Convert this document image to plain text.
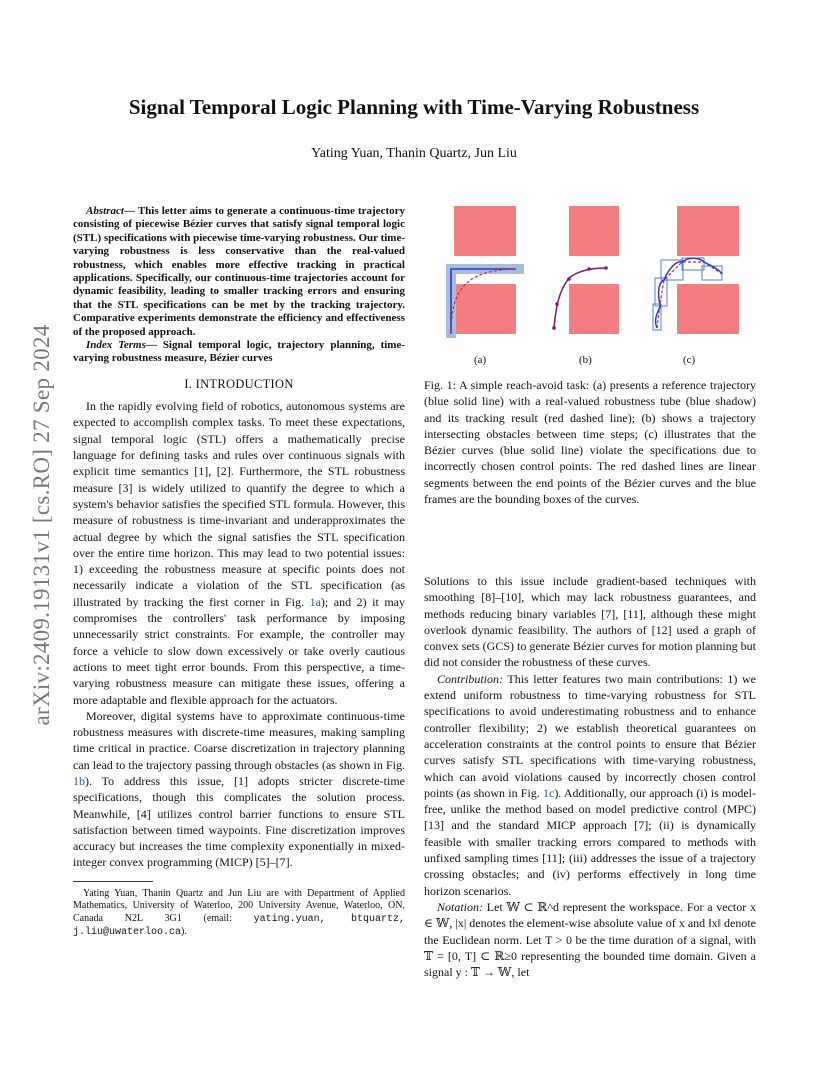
arXiv:2409.19131v1 [cs.RO] 27 Sep 2024
Signal Temporal Logic Planning with Time-Varying Robustness
Yating Yuan, Thanin Quartz, Jun Liu

Abstract— This letter aims to generate a continuous-time trajectory consisting of piecewise Bézier curves that satisfy signal temporal logic (STL) specifications with piecewise time-varying robustness. Our time-varying robustness is less conservative than the real-valued robustness, which enables more effective tracking in practical applications. Specifically, our continuous-time trajectories account for dynamic feasibility, leading to smaller tracking errors and ensuring that the STL specifications can be met by the tracking trajectory. Comparative experiments demonstrate the efficiency and effectiveness of the proposed approach.

Index Terms— Signal temporal logic, trajectory planning, time-varying robustness measure, Bézier curves

I. INTRODUCTION

In the rapidly evolving field of robotics, autonomous systems are expected to accomplish complex tasks. To meet these expectations, signal temporal logic (STL) offers a mathematically precise language for defining tasks and rules over continuous signals with explicit time semantics [1], [2]. Furthermore, the STL robustness measure [3] is widely utilized to quantify the degree to which a system's behavior satisfies the specified STL formula. However, this measure of robustness is time-invariant and underapproximates the actual degree by which the signal satisfies the STL specification over the entire time horizon. This may lead to two potential issues: 1) exceeding the robustness measure at specific points does not necessarily indicate a violation of the STL specification (as illustrated by tracking the first corner in Fig. 1a); and 2) it may compromises the controllers' task performance by imposing unnecessarily strict constraints. For example, the controller may force a vehicle to slow down excessively or take overly cautious actions to meet tight error bounds. From this perspective, a time-varying robustness measure can mitigate these issues, offering a more adaptable and flexible approach for the actuators.

Moreover, digital systems have to approximate continuous-time robustness measures with discrete-time measures, making sampling time critical in practice. Coarse discretization in trajectory planning can lead to the trajectory passing through obstacles (as shown in Fig. 1b). To address this issue, [1] adopts stricter discrete-time specifications, though this complicates the solution process. Meanwhile, [4] utilizes control barrier functions to ensure STL satisfaction between timed waypoints. Fine discretization improves accuracy but increases the time complexity exponentially in mixed-integer convex programming (MICP) [5]–[7].

Yating Yuan, Thanin Quartz and Jun Liu are with Department of Applied Mathematics, University of Waterloo, 200 University Avenue, Waterloo, ON, Canada N2L 3G1 (email: yating.yuan, btquartz, j.liu@uwaterloo.ca).

(a)	(b)	(c)

Fig. 1: A simple reach-avoid task: (a) presents a reference trajectory (blue solid line) with a real-valued robustness tube (blue shadow) and its tracking result (red dashed line); (b) shows a trajectory intersecting obstacles between time steps; (c) illustrates that the Bézier curves (blue solid line) violate the specifications due to incorrectly chosen control points. The red dashed lines are linear segments between the end points of the Bézier curves and the blue frames are the bounding boxes of the curves.

Solutions to this issue include gradient-based techniques with smoothing [8]–[10], which may lack robustness guarantees, and methods reducing binary variables [7], [11], although these might overlook dynamic feasibility. The authors of [12] used a graph of convex sets (GCS) to generate Bézier curves for motion planning but did not consider the robustness of these curves.

Contribution: This letter features two main contributions: 1) we extend uniform robustness to time-varying robustness for STL specifications to avoid underestimating robustness and to enhance controller flexibility; 2) we establish theoretical guarantees on acceleration constraints at the control points to ensure that Bézier curves satisfy STL specifications with time-varying robustness, which can avoid violations caused by incorrectly chosen control points (as shown in Fig. 1c). Additionally, our approach (i) is model-free, unlike the method based on model predictive control (MPC) [13] and the standard MICP approach [7]; (ii) is dynamically feasible with smaller tracking errors compared to methods with unfixed sampling times [11]; (iii) addresses the issue of a trajectory crossing obstacles; and (iv) performs effectively in long time horizon scenarios.

Notation: Let 𝕎 ⊂ ℝ^d represent the workspace. For a vector x ∈ 𝕎, |x| denotes the element-wise absolute value of x and ‖x‖ denote the Euclidean norm. Let T > 0 be the time duration of a signal, with 𝕋 = [0, T] ⊂ ℝ≥0 representing the bounded time domain. Given a signal y : 𝕋 → 𝕎, let
